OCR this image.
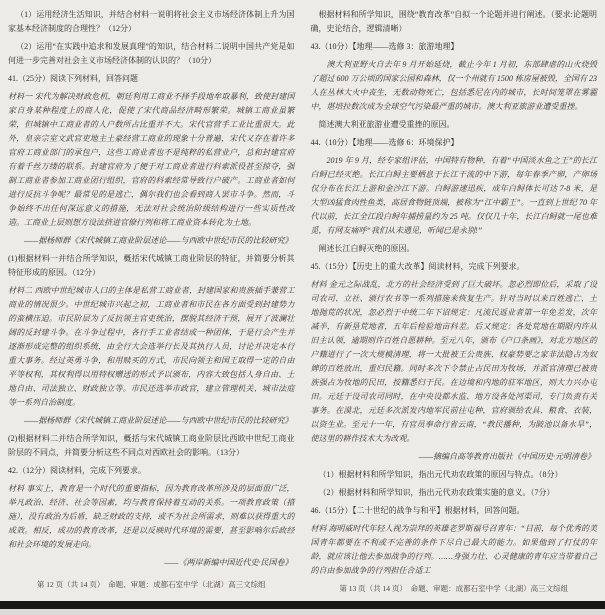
（1）运用经济生活知识，并结合材料一说明将社会主义市场经济体制上升为国家基本经济制度的合理性？（12分）

（2）运用“在实践中追求和发展真理”的知识，结合材料二说明中国共产党是如何进一步完善对社会主义市场经济体制的认识的？（10分）

41.（25分）阅读下列材料，回答问题

材料一 宋代为解决财政危机，朝廷利用工商业不择手段地牟取暴利，致使封建国家自身某种程度上的商人化，促使了宋代商品经济畸形繁荣。城镇工商业虽繁荣，但城镇中工商业者的人户数所占比重并不大。宋代官营手工业比重很大。此外，皇亲宗室文武官吏地主土豪经营工商业的现象十分普遍，宋代又存在着许多官府工商业部门的承包户，这些工商业者也不是纯粹的私营业户，总和封建官府有着千丝万缕的联系。封建官府为了便于对工商业者进行科索派役甚至掠夺，强制工商业者参加工商业团行组织，官府的科索经常导致行户破产。工商业者如何进行反抗斗争呢？最常见的是逃亡，偶尔我们也会看到商人罢市斗争。然而，斗争始终不出任何深远意义的措施，无法对社会统治阶级结构进行一些实质性改造。工商业上层则想方设法挤进官僚行列和将工商业资本转化为土地。

——据杨师群《宋代城镇工商业阶层述论——与西欧中世纪市民的比较研究》

(1)根据材料一并结合所学知识，概括宋代城镇工商业阶层的特征，并简要分析其特征形成的原因。（12分）

材料二 西欧中世纪城市人口的主体是私营工商业者，封建国家和贵族插手兼营工商业的情况很少。中世纪城市兴起之初，工商业者和市民在各方面受到封建势力的蛮横压迫。市民阶层为了反抗领主官吏统治，摆脱其经济干预，展开了波澜壮阔的反封建斗争。在斗争过程中，各行手工业者结成一种团体，于是行会产生并逐渐形成完整的组织系统，由全行大会选举行长及其执行人员，讨论并决定本行重大事务。经过英勇斗争，和用赎买的方式，市民向领主和国王取得一定的自由平等权利，其权利得以用特权赠送的形式予以颁布，内容大致包括人身自由、土地自由、司法独立、财政独立等。市民还选举市政官，建立管理机关、城市法庭等一系列自治制度。

——据杨师群《宋代城镇工商业阶层述论——与西欧中世纪市民的比较研究》

(2)根据材料二并结合所学知识，概括与宋代城镇工商业阶层比西欧中世纪工商业阶层的不同点，并简要分析这些不同点对西欧社会的影响。（13分）

42.（12分）阅读材料，完成下列要求。

材料 事实上，教育是一个时代的重要指标，因为教育改革所涉及的层面很广泛，举凡政治、经济、社会等因素，均与教育保持着互动的关系。一项教育政策（措施），没有政治为后盾，缺乏财政的支持，或不为社会所需求，则难以获得重大的成效。相反，成功的教育改革，还是以反映时代环境的需要，甚至影响尔后政经和社会环境的发展走向。

——《两岸新编中国近代史·民国卷》

第 12 页（共 14 页）　命题、审题：成都石室中学（北湖）高三文综组

根据材料和所学知识，围绕“教育改革”自拟一个论题并进行阐述。（要求:论题明确，史论结合，逻辑清晰）

43.（10分）【地理——选修 3：旅游地理】

澳大利亚野火自去年 9 月开始延烧，截止今年 1 月初，东部肆虐的山火烧毁了超过 600 万公顷的国家公园和森林，仅一个州就有 1500 栋房屋被毁，全国有 23 人在丛林大火中丧生，无数动物死亡，包括悉尼在内的城市，长时间笼罩在雾霾中，堪培拉数次成为全球空气污染最严重的城市。澳大利亚旅游业遭受重挫。

简述澳大利亚旅游业遭受重挫的原因。

44.（10分）【地理——选修 6：环境保护】

2019 年 9 月，经专家组评估，中国特有物种，有着“中国淡水鱼之王”的长江白鲟已经灭绝。长江白鲟主要栖息于长江干流的中下游，每年春季产卵，产卵场仅分布在长江上游和金沙江下游。白鲟游速迅疾，成年白鲟体长可达 7-8 米，是大型凶猛食肉性鱼类，高居食物链顶端，被称为“江中霸王”。一直到上世纪 70 年代以前，长江全江段白鲟年捕捞量约为 25 吨。仅仅几十年，长江白鲟就一尾也难觅，有网友痛呼“我们从未遇见，听闻已是永别!”

阐述长江白鲟灭绝的原因。

45.（15分）【历史上的重大改革】阅读材料，完成下列要求。

材料 金元之际战乱，北方的社会经济受到了巨大破坏。忽必烈即位后，采取了设司农司、立社、颁行农书等一系列措施来恢复生产。针对当时以来百姓逃亡、土地抛荒的状况，忽必烈于中统二年下诏规定：凡流民返业者第一年免差发，次年减半，有新垦荒地者，五年后检验地亩科差。后又规定：各处荒地在期限内许从旧主认领，逾期则许百姓自愿耕种。至元八年，颁布《户口条画》，对北方地区的户籍进行了一次大规模清理，将一大批被王公贵族、权豪势要之家非法隐占为奴婢的百姓放出，重归民籍。同时多次下令禁止占民田为牧场，并派官清理已被贵族强占为牧地的民田，按籍悉归于民。在边境和内地的驻军地区，则大力兴办屯田。元廷于设司农司同时，在中央设都水监、地方设各处河渠司，专门负责有关事务。在漠北，元廷多次派发内地军民前往屯种，官府颁给农具、粮食、衣装，以资生业。至元十一年，有官员奉命行省云南，“教民播种，为陂池以备水旱”，使这里的耕作技术大为改观。

——摘编自高等教育出版社《中国历史·元明清卷》

（1）根据材料和所学知识，指出元代劝农政策的原因与特点。（8分）

（2）根据材料和所学知识，指出元代劝农政策实施的意义。（7分）

46.（15分）【二十世纪的战争与和平】根据材料，回答问题。

材料 海明威时代年轻人视为崇拜的英雄老罗斯福号召青年：“目前，每个优秀的美国青年都要在不利或不完善的条件下尽自己最大的能力。如果他到了打仗的年龄，就应该让他去参加战争的行列。……身强力壮、心灵健康的青年应当带着自己的自由参加战争的行列担任合适工

第 13 页（共 14 页）　命题、审题：成都石室中学（北湖）高三文综组
